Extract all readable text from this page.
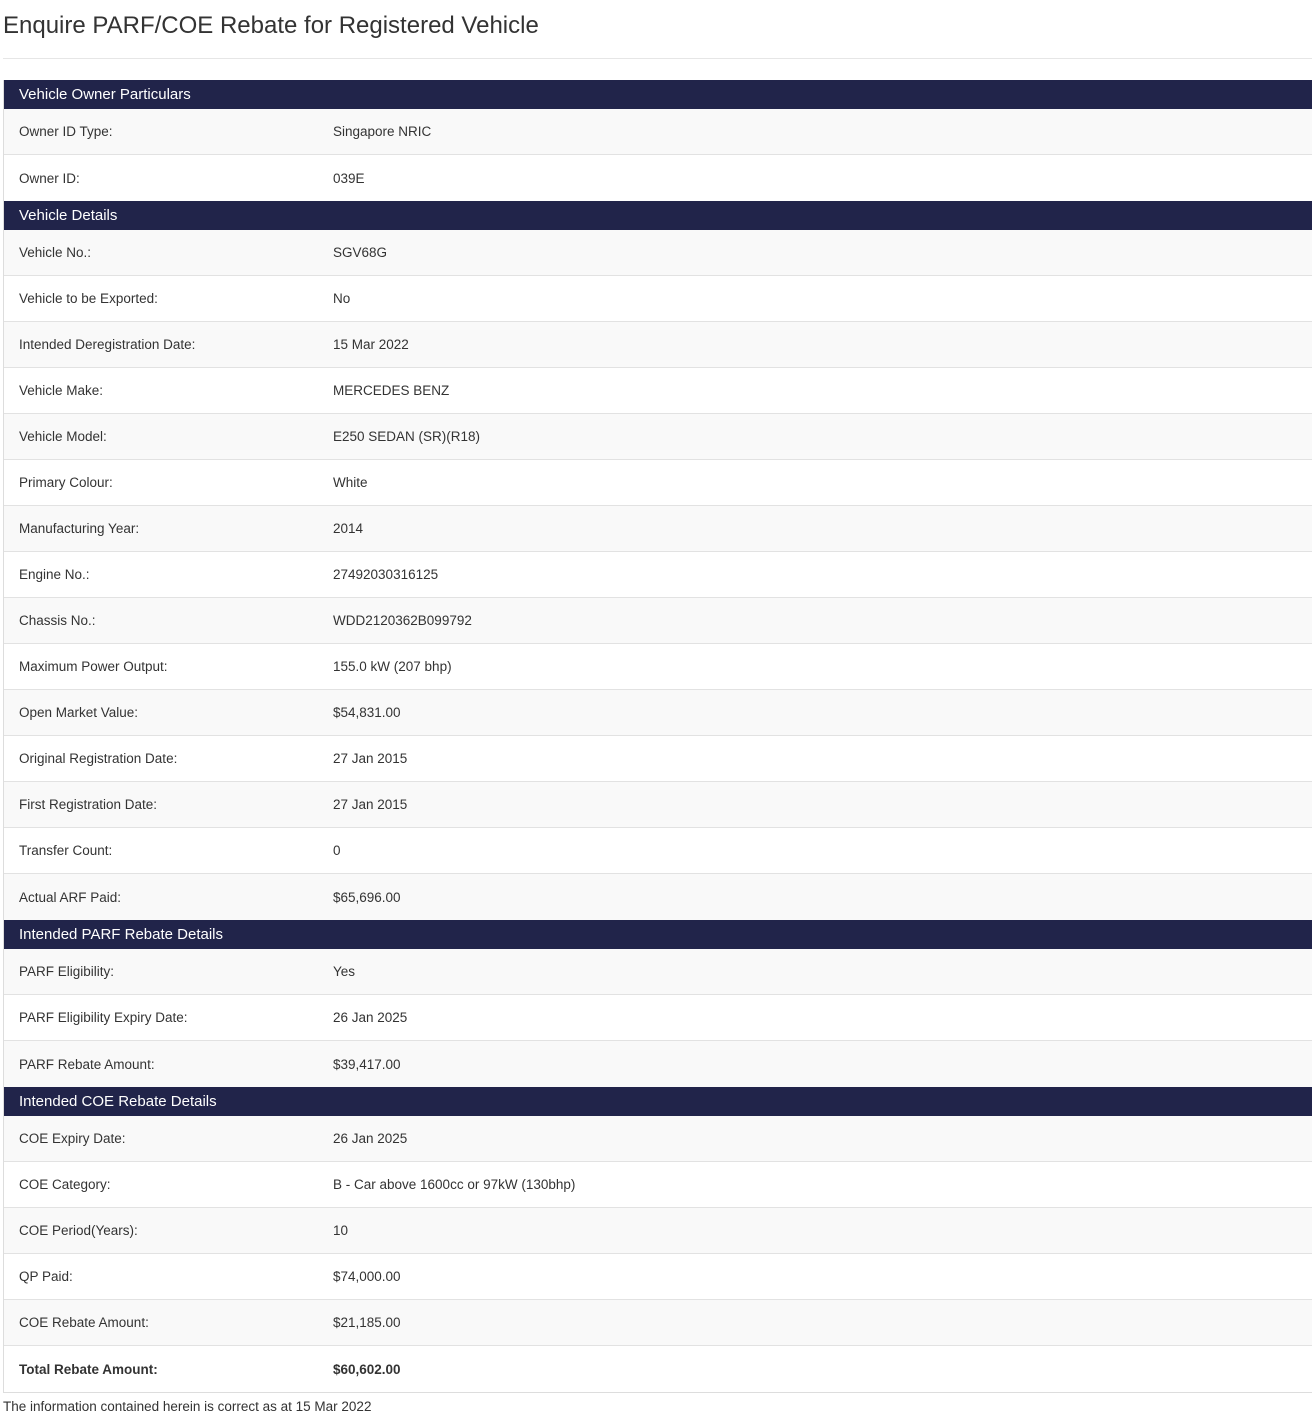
Enquire PARF/COE Rebate for Registered Vehicle
Vehicle Owner Particulars
Owner ID Type:	Singapore NRIC
Owner ID:	039E
Vehicle Details
Vehicle No.:	SGV68G
Vehicle to be Exported:	No
Intended Deregistration Date:	15 Mar 2022
Vehicle Make:	MERCEDES BENZ
Vehicle Model:	E250 SEDAN (SR)(R18)
Primary Colour:	White
Manufacturing Year:	2014
Engine No.:	27492030316125
Chassis No.:	WDD2120362B099792
Maximum Power Output:	155.0 kW (207 bhp)
Open Market Value:	$54,831.00
Original Registration Date:	27 Jan 2015
First Registration Date:	27 Jan 2015
Transfer Count:	0
Actual ARF Paid:	$65,696.00
Intended PARF Rebate Details
PARF Eligibility:	Yes
PARF Eligibility Expiry Date:	26 Jan 2025
PARF Rebate Amount:	$39,417.00
Intended COE Rebate Details
COE Expiry Date:	26 Jan 2025
COE Category:	B - Car above 1600cc or 97kW (130bhp)
COE Period(Years):	10
QP Paid:	$74,000.00
COE Rebate Amount:	$21,185.00
Total Rebate Amount:	$60,602.00
The information contained herein is correct as at 15 Mar 2022
